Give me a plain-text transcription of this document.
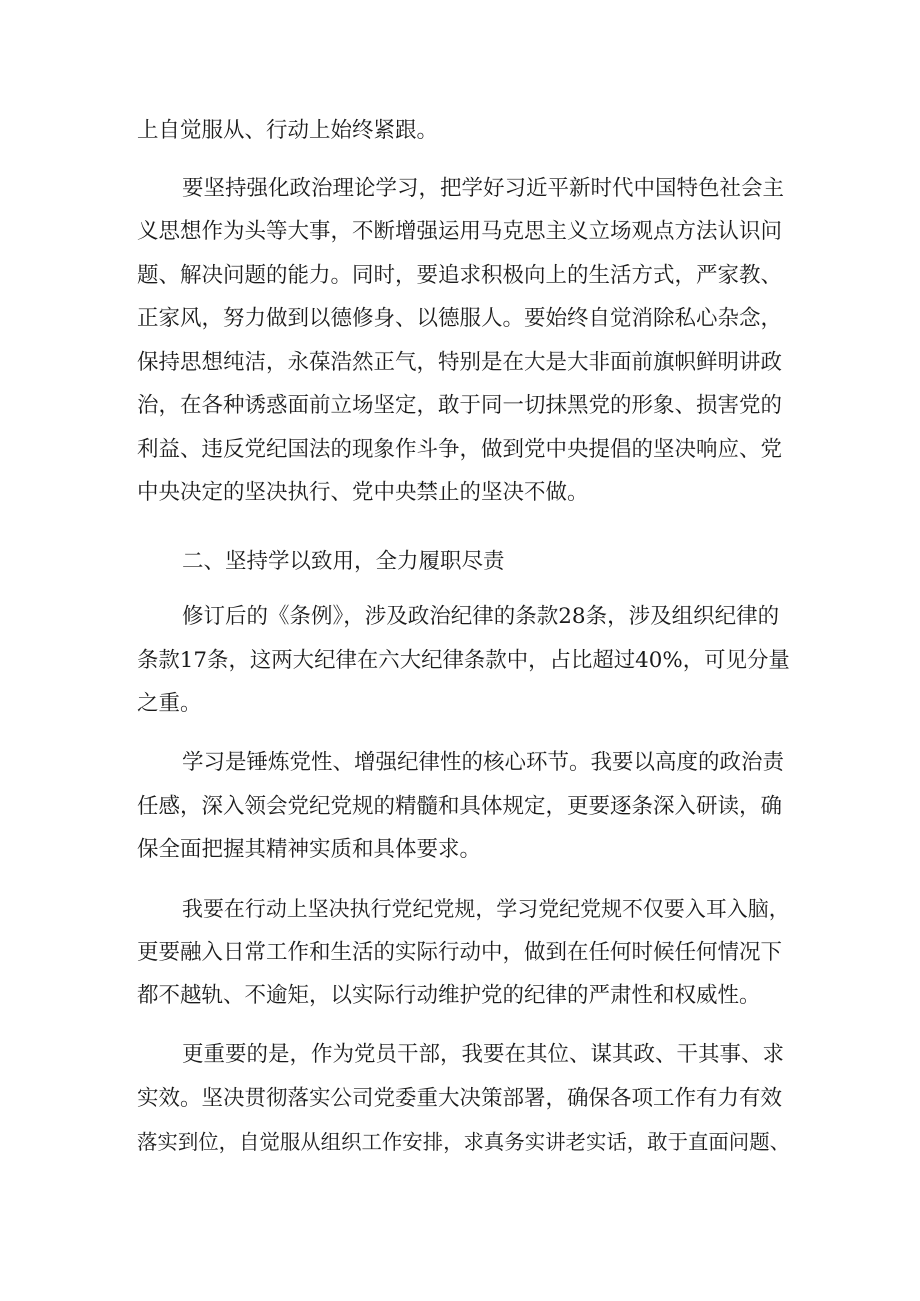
上自觉服从、行动上始终紧跟。
要坚持强化政治理论学习，把学好习近平新时代中国特色社会主
义思想作为头等大事，不断增强运用马克思主义立场观点方法认识问
题、解决问题的能力。同时，要追求积极向上的生活方式，严家教、
正家风，努力做到以德修身、以德服人。要始终自觉消除私心杂念，
保持思想纯洁，永葆浩然正气，特别是在大是大非面前旗帜鲜明讲政
治，在各种诱惑面前立场坚定，敢于同一切抹黑党的形象、损害党的
利益、违反党纪国法的现象作斗争，做到党中央提倡的坚决响应、党
中央决定的坚决执行、党中央禁止的坚决不做。
二、坚持学以致用，全力履职尽责
修订后的《条例》，涉及政治纪律的条款28条，涉及组织纪律的
条款17条，这两大纪律在六大纪律条款中，占比超过40%，可见分量
之重。
学习是锤炼党性、增强纪律性的核心环节。我要以高度的政治责
任感，深入领会党纪党规的精髓和具体规定，更要逐条深入研读，确
保全面把握其精神实质和具体要求。
我要在行动上坚决执行党纪党规，学习党纪党规不仅要入耳入脑，
更要融入日常工作和生活的实际行动中，做到在任何时候任何情况下
都不越轨、不逾矩，以实际行动维护党的纪律的严肃性和权威性。
更重要的是，作为党员干部，我要在其位、谋其政、干其事、求
实效。坚决贯彻落实公司党委重大决策部署，确保各项工作有力有效
落实到位，自觉服从组织工作安排，求真务实讲老实话，敢于直面问题、
